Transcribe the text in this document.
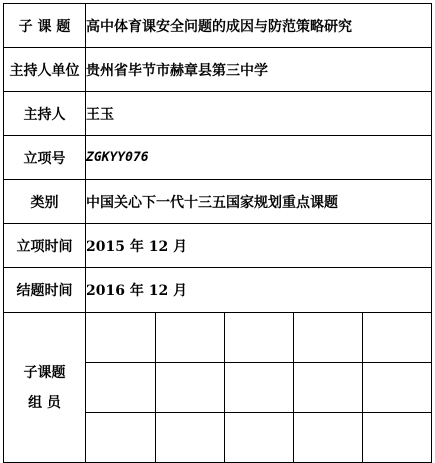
子 课 题	高中体育课安全问题的成因与防范策略研究
主持人单位	贵州省毕节市赫章县第三中学
主持人	王玉
立项号	ZGKYY076
类别	中国关心下一代十三五国家规划重点课题
立项时间	2015 年 12 月
结题时间	2016 年 12 月

子课题
组 员
